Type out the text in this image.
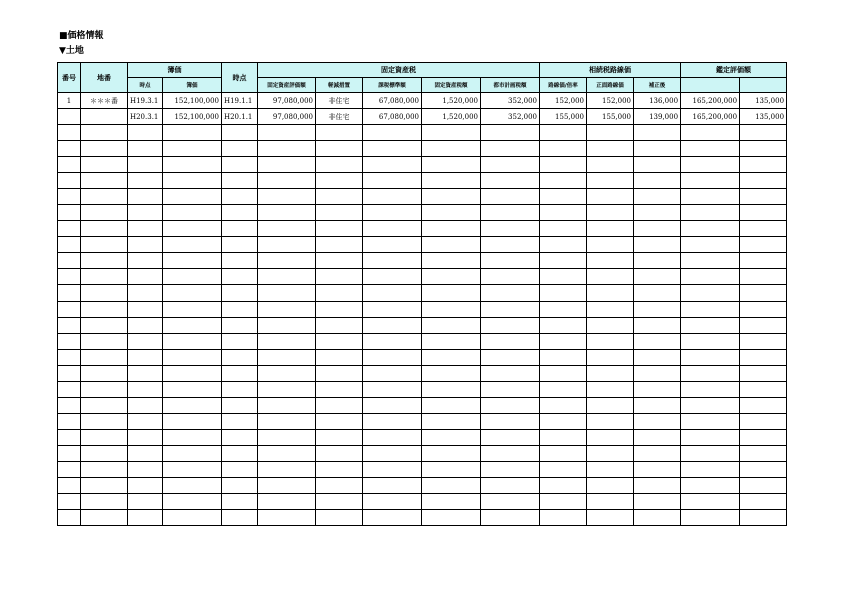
■価格情報
▼土地
番号	地番	簿価		時点	固定資産税					相続税路線価			鑑定評価額	
		時点	簿価		固定資産評価額	軽減措置	課税標準額	固定資産税額	都市計画税額	路線価/倍率	正面路線価	補正後		
1	＊＊＊番	H19.3.1	152,100,000	H19.1.1	97,080,000	非住宅	67,080,000	1,520,000	352,000	152,000	152,000	136,000	165,200,000	135,000
		H20.3.1	152,100,000	H20.1.1	97,080,000	非住宅	67,080,000	1,520,000	352,000	155,000	155,000	139,000	165,200,000	135,000
